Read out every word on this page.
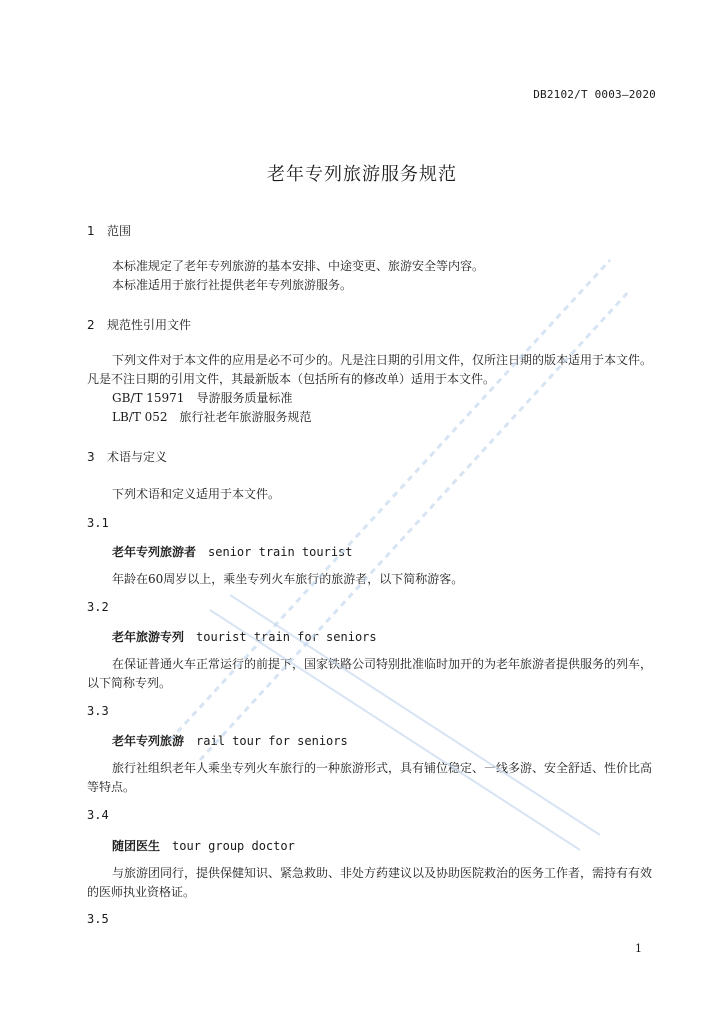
DB2102/T 0003—2020
老年专列旅游服务规范
1 范围
本标准规定了老年专列旅游的基本安排、中途变更、旅游安全等内容。
本标准适用于旅行社提供老年专列旅游服务。
2 规范性引用文件
下列文件对于本文件的应用是必不可少的。凡是注日期的引用文件，仅所注日期的版本适用于本文件。凡是不注日期的引用文件，其最新版本（包括所有的修改单）适用于本文件。
GB/T 15971　导游服务质量标准
LB/T 052　旅行社老年旅游服务规范
3 术语与定义
下列术语和定义适用于本文件。
3.1
老年专列旅游者 senior train tourist
年龄在60周岁以上，乘坐专列火车旅行的旅游者，以下简称游客。
3.2
老年旅游专列 tourist train for seniors
在保证普通火车正常运行的前提下，国家铁路公司特别批准临时加开的为老年旅游者提供服务的列车，以下简称专列。
3.3
老年专列旅游 rail tour for seniors
旅行社组织老年人乘坐专列火车旅行的一种旅游形式，具有铺位稳定、一线多游、安全舒适、性价比高等特点。
3.4
随团医生 tour group doctor
与旅游团同行，提供保健知识、紧急救助、非处方药建议以及协助医院救治的医务工作者，需持有有效的医师执业资格证。
3.5
1
